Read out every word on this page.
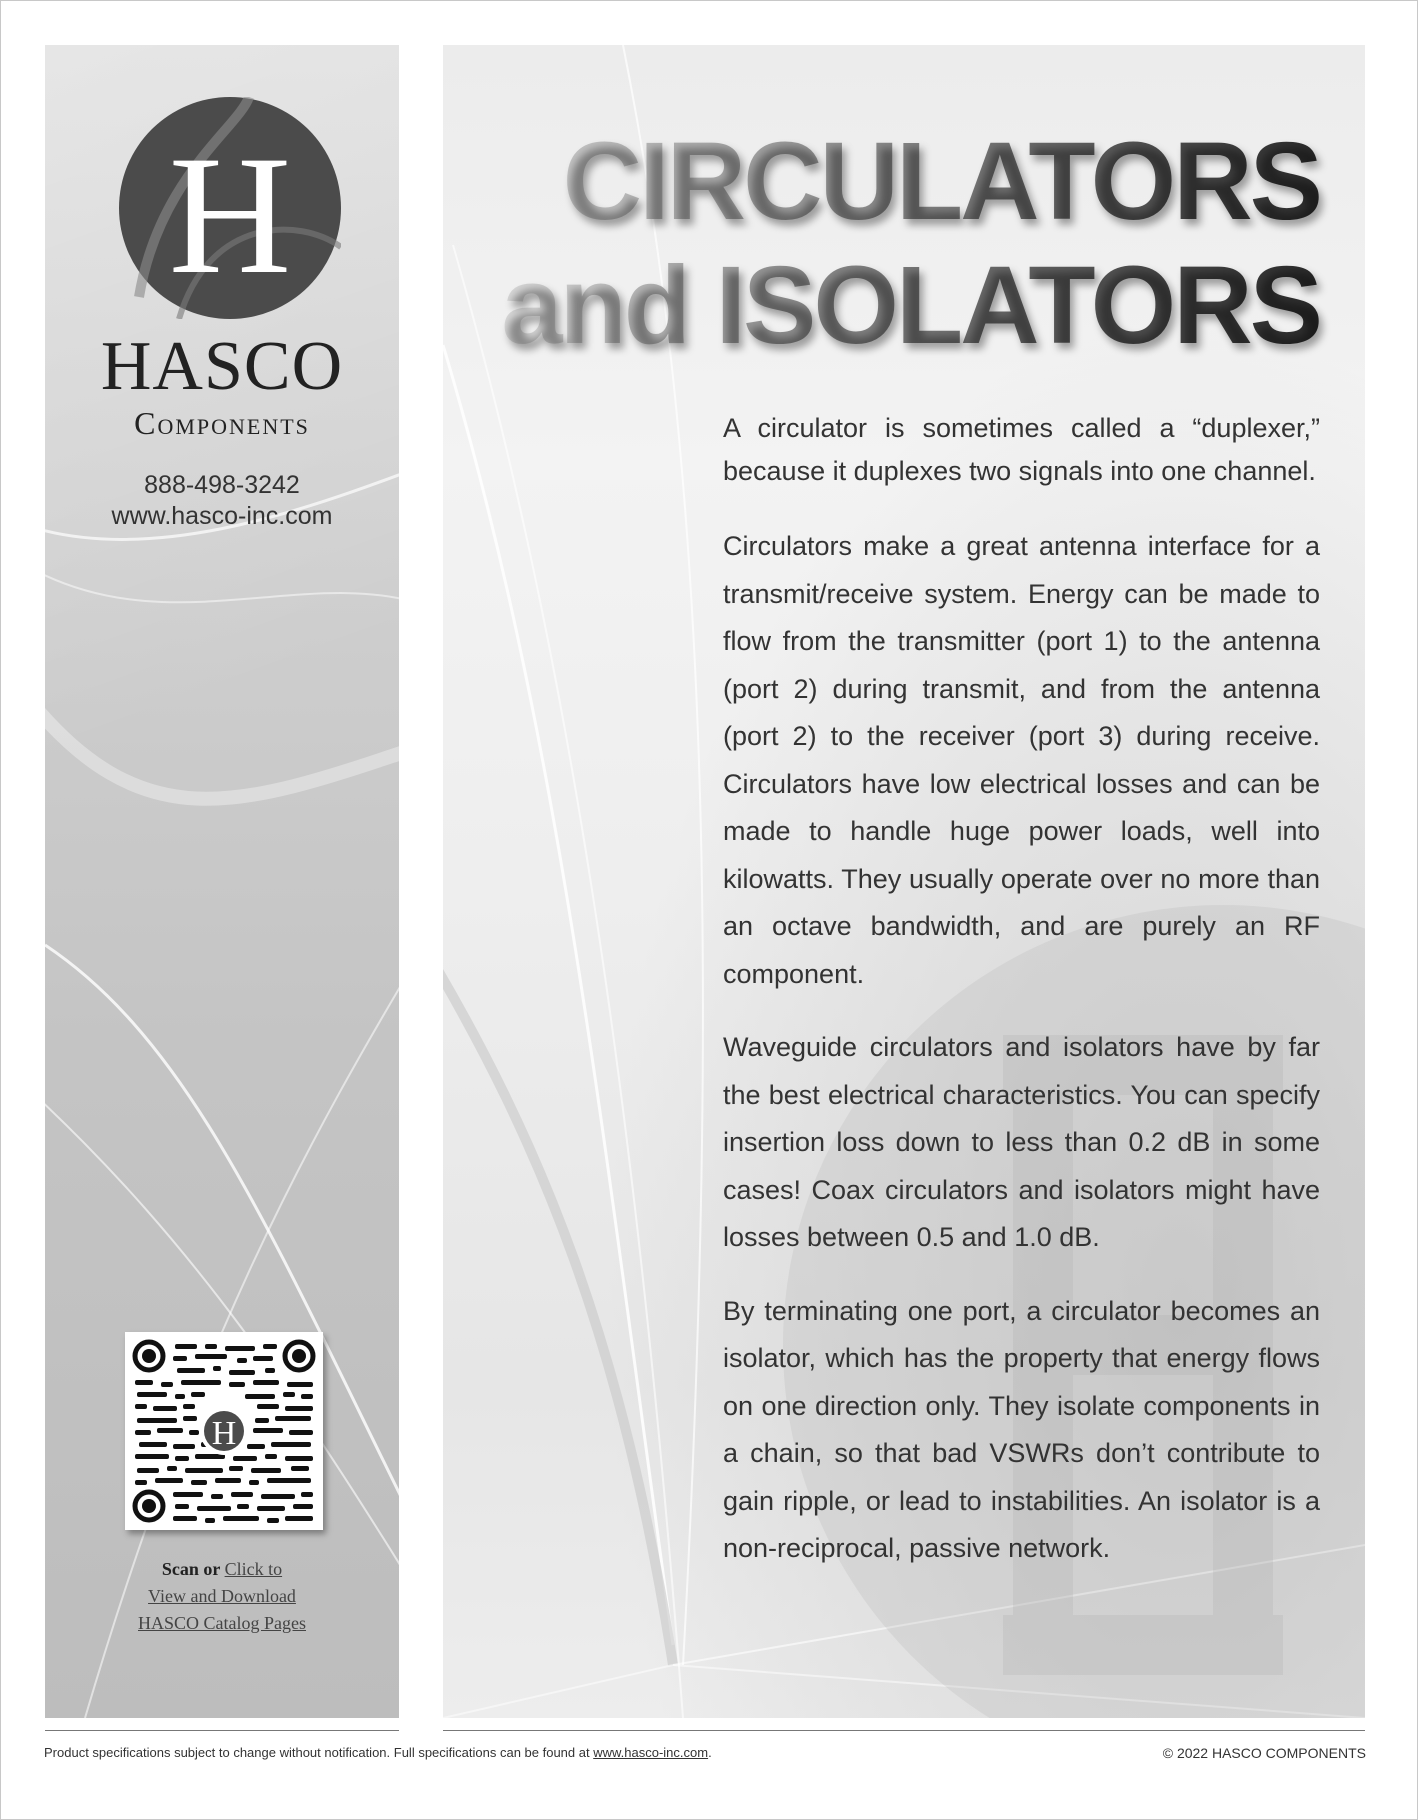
H
HASCO
Components
888-498-3242
www.hasco-inc.com
H
Scan or Click to
View and Download
HASCO Catalog Pages
CIRCULATORS
and ISOLATORS

A circulator is sometimes called a “duplexer,” because it duplexes two signals into one channel.

Circulators make a great antenna interface for a transmit/receive system. Energy can be made to flow from the transmitter (port 1) to the antenna (port 2) during transmit, and from the antenna (port 2) to the receiver (port 3) during receive. Circulators have low electrical losses and can be made to handle huge power loads, well into kilowatts. They usually operate over no more than an octave bandwidth, and are purely an RF component.

Waveguide circulators and isolators have by far the best electrical characteristics. You can specify insertion loss down to less than 0.2 dB in some cases! Coax circulators and isolators might have losses between 0.5 and 1.0 dB.

By terminating one port, a circulator becomes an isolator, which has the property that energy flows on one direction only. They isolate components in a chain, so that bad VSWRs don’t contribute to gain ripple, or lead to instabilities. An isolator is a non-reciprocal, passive network.

Product specifications subject to change without notification. Full specifications can be found at www.hasco-inc.com.	© 2022 HASCO COMPONENTS
